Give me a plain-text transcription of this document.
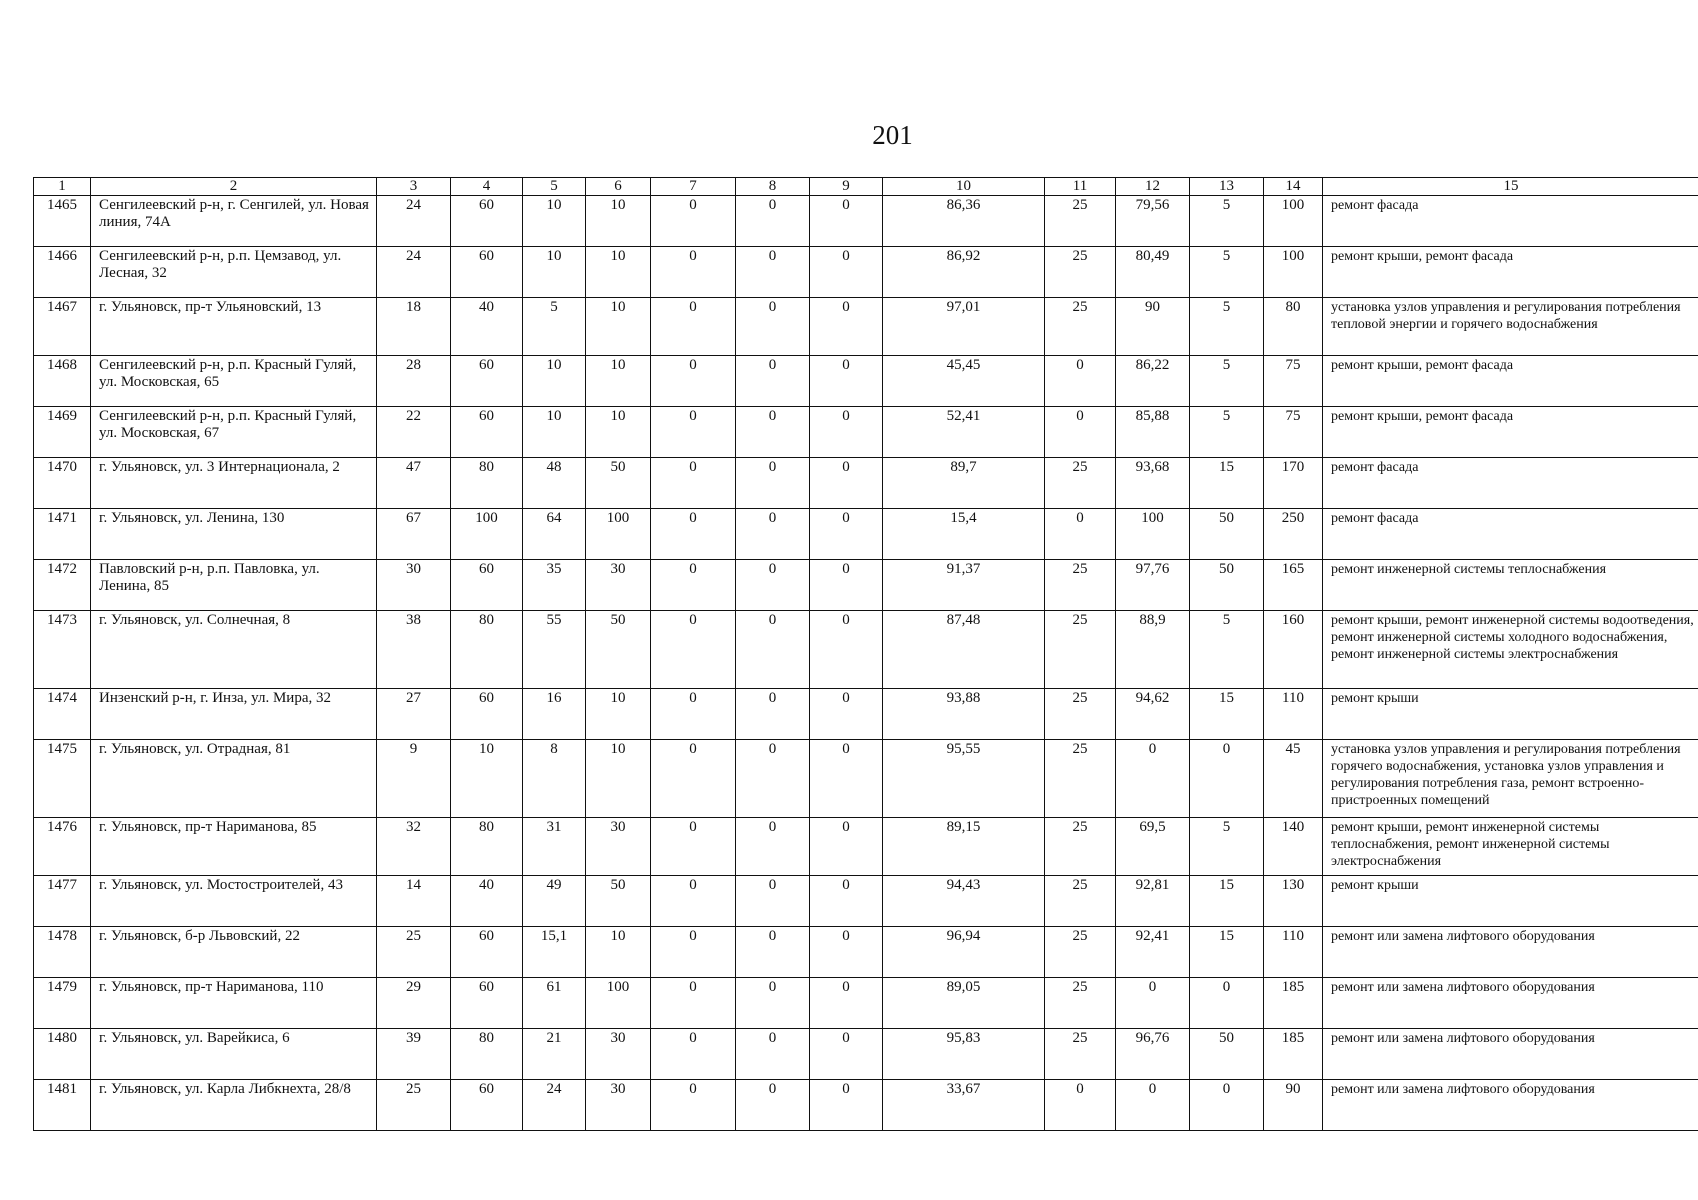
201
1	2	3	4	5	6	7	8	9	10	11	12	13	14	15
1465	Сенгилеевский р-н, г. Сенгилей, ул. Новая линия, 74А	24	60	10	10	0	0	0	86,36	25	79,56	5	100	ремонт фасада
1466	Сенгилеевский р-н, р.п. Цемзавод, ул. Лесная, 32	24	60	10	10	0	0	0	86,92	25	80,49	5	100	ремонт крыши, ремонт фасада
1467	г. Ульяновск, пр-т Ульяновский, 13	18	40	5	10	0	0	0	97,01	25	90	5	80	установка узлов управления и регулирования потребления тепловой энергии и горячего водоснабжения
1468	Сенгилеевский р-н, р.п. Красный Гуляй, ул. Московская, 65	28	60	10	10	0	0	0	45,45	0	86,22	5	75	ремонт крыши, ремонт фасада
1469	Сенгилеевский р-н, р.п. Красный Гуляй, ул. Московская, 67	22	60	10	10	0	0	0	52,41	0	85,88	5	75	ремонт крыши, ремонт фасада
1470	г. Ульяновск, ул. 3 Интернационала, 2	47	80	48	50	0	0	0	89,7	25	93,68	15	170	ремонт фасада
1471	г. Ульяновск, ул. Ленина, 130	67	100	64	100	0	0	0	15,4	0	100	50	250	ремонт фасада
1472	Павловский р-н, р.п. Павловка, ул. Ленина, 85	30	60	35	30	0	0	0	91,37	25	97,76	50	165	ремонт инженерной системы теплоснабжения
1473	г. Ульяновск, ул. Солнечная, 8	38	80	55	50	0	0	0	87,48	25	88,9	5	160	ремонт крыши, ремонт инженерной системы водоотведения, ремонт инженерной системы холодного водоснабжения, ремонт инженерной системы электроснабжения
1474	Инзенский р-н, г. Инза, ул. Мира, 32	27	60	16	10	0	0	0	93,88	25	94,62	15	110	ремонт крыши
1475	г. Ульяновск, ул. Отрадная, 81	9	10	8	10	0	0	0	95,55	25	0	0	45	установка узлов управления и регулирования потребления горячего водоснабжения, установка узлов управления и регулирования потребления газа, ремонт встроенно-пристроенных помещений
1476	г. Ульяновск, пр-т Нариманова, 85	32	80	31	30	0	0	0	89,15	25	69,5	5	140	ремонт крыши, ремонт инженерной системы теплоснабжения, ремонт инженерной системы электроснабжения
1477	г. Ульяновск, ул. Мостостроителей, 43	14	40	49	50	0	0	0	94,43	25	92,81	15	130	ремонт крыши
1478	г. Ульяновск, б-р Львовский, 22	25	60	15,1	10	0	0	0	96,94	25	92,41	15	110	ремонт или замена лифтового оборудования
1479	г. Ульяновск, пр-т Нариманова, 110	29	60	61	100	0	0	0	89,05	25	0	0	185	ремонт или замена лифтового оборудования
1480	г. Ульяновск, ул. Варейкиса, 6	39	80	21	30	0	0	0	95,83	25	96,76	50	185	ремонт или замена лифтового оборудования
1481	г. Ульяновск, ул. Карла Либкнехта, 28/8	25	60	24	30	0	0	0	33,67	0	0	0	90	ремонт или замена лифтового оборудования
